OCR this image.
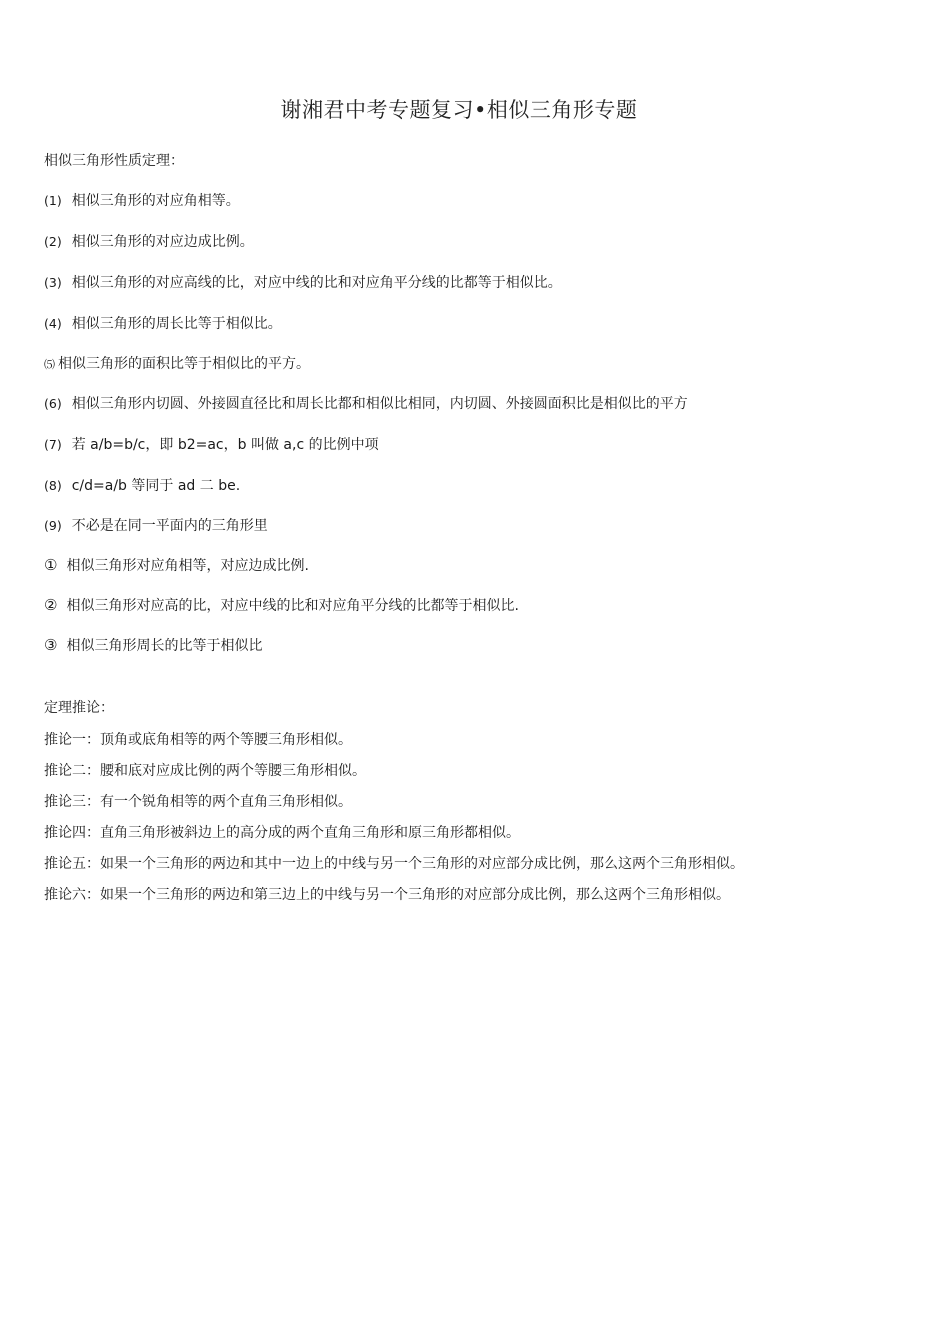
谢湘君中考专题复习•相似三角形专题
相似三角形性质定理：
(1) 相似三角形的对应角相等。
(2) 相似三角形的对应边成比例。
(3) 相似三角形的对应高线的比，对应中线的比和对应角平分线的比都等于相似比。
(4) 相似三角形的周长比等于相似比。
⑸ 相似三角形的面积比等于相似比的平方。
(6) 相似三角形内切圆、外接圆直径比和周长比都和相似比相同，内切圆、外接圆面积比是相似比的平方
(7) 若 a/b=b/c，即 b2=ac，b 叫做 a,c 的比例中项
(8) c/d=a/b 等同于 ad 二 be.
(9) 不必是在同一平面内的三角形里
① 相似三角形对应角相等，对应边成比例.
② 相似三角形对应高的比，对应中线的比和对应角平分线的比都等于相似比.
③ 相似三角形周长的比等于相似比
定理推论：
推论一：顶角或底角相等的两个等腰三角形相似。
推论二：腰和底对应成比例的两个等腰三角形相似。
推论三：有一个锐角相等的两个直角三角形相似。
推论四：直角三角形被斜边上的高分成的两个直角三角形和原三角形都相似。
推论五：如果一个三角形的两边和其中一边上的中线与另一个三角形的对应部分成比例，那么这两个三角形相似。
推论六：如果一个三角形的两边和第三边上的中线与另一个三角形的对应部分成比例，那么这两个三角形相似。
